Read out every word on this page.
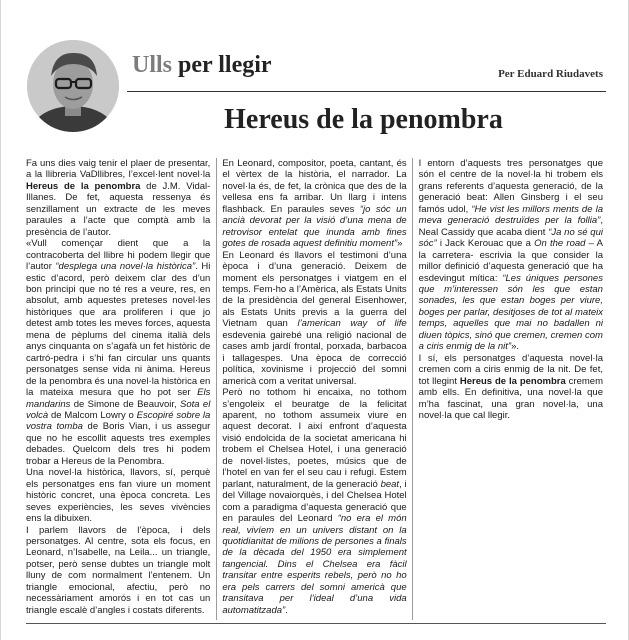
Ulls per llegir	Per Eduard Riudavets
Hereus de la penombra

Fa uns dies vaig tenir el plaer de presentar, a la llibreria VaDllibres, l’excel·lent novel·la Hereus de la penombra de J.M. Vidal-Illanes. De fet, aquesta ressenya és senzillament un extracte de les meves paraules a l’acte que comptà amb la presència de l’autor.

«Vull començar dient que a la contracoberta del llibre hi podem llegir que l’autor “desplega una novel·la històrica”. Hi estic d’acord, però deixem clar des d’un bon principi que no té res a veure, res, en absolut, amb aquestes preteses novel·les històriques que ara proliferen i que jo detest amb totes les meves forces, aquesta mena de pèplums del cinema italià dels anys cinquanta on s’agafà un fet històric de cartró-pedra i s’hi fan circular uns quants personatges sense vida ni ànima. Hereus de la penombra és una novel·la històrica en la mateixa mesura que ho pot ser Els mandarins de Simone de Beauvoir, Sota el volcà de Malcom Lowry o Escopiré sobre la vostra tomba de Boris Vian, i us assegur que no he escollit aquests tres exemples debades. Quelcom dels tres hi podem trobar a Hereus de la Penombra.

Una novel·la històrica, llavors, sí, perquè els personatges ens fan viure un moment històric concret, una època concreta. Les seves experiències, les seves vivències ens la dibuixen.

I parlem llavors de l’època, i dels personatges. Al centre, sota els focus, en Leonard, n’Isabelle, na Leila... un triangle, potser, però sense dubtes un triangle molt lluny de com normalment l’entenem. Un triangle emocional, afectiu, però no necessàriament amorós i en tot cas un triangle escalè d’angles i costats diferents.

En Leonard, compositor, poeta, cantant, és el vèrtex de la història, el narrador. La novel·la és, de fet, la crònica que des de la vellesa ens fa arribar. Un llarg i intens flashback. En paraules seves “jo sóc un ancià devorat per la visió d’una mena de retrovisor entelat que inunda amb fines gotes de rosada aquest definitiu moment”»

En Leonard és llavors el testimoni d’una època i d’una generació. Deixem de moment els personatges i viatgem en el temps. Fem-ho a l’Amèrica, als Estats Units de la presidència del general Eisenhower, als Estats Units previs a la guerra del Vietnam quan l’american way of life esdevenia gairebé una religió nacional de cases amb jardí frontal, porxada, barbacoa i tallagespes. Una època de correcció política, xovinisme i projecció del somni americà com a veritat universal.

Però no tothom hi encaixa, no tothom s’engoleix el beuratge de la felicitat aparent, no tothom assumeix viure en aquest decorat. I així enfront d’aquesta visió endolcida de la societat americana hi trobem el Chelsea Hotel, i una generació de novel·listes, poetes, músics que de l’hotel en van fer el seu cau i refugi. Estem parlant, naturalment, de la generació beat, i del Village novaiorquès, i del Chelsea Hotel com a paradigma d’aquesta generació que en paraules del Leonard “no era el món real, vivíem en un univers distant on la quotidianitat de milions de persones a finals de la dècada del 1950 era simplement tangencial. Dins el Chelsea era fàcil transitar entre esperits rebels, però no ho era pels carrers del somni americà que transitava per l’ideal d’una vida automatitzada”.

I entorn d’aquests tres personatges que són el centre de la novel·la hi trobem els grans referents d’aquesta generació, de la generació beat: Allen Ginsberg i el seu famós udol, “He vist les millors ments de la meva generació destruïdes per la follia”, Neal Cassidy que acaba dient “Ja no sé qui sóc” i Jack Kerouac que a On the road – A la carretera- escrivia la que consider la millor definició d’aquesta generació que ha esdevingut mítica: “Les úniques persones que m’interessen són les que estan sonades, les que estan boges per viure, boges per parlar, desitjoses de tot al mateix temps, aquelles que mai no badallen ni diuen tòpics, sinó que cremen, cremen com a ciris enmig de la nit”».

I sí, els personatges d’aquesta novel·la cremen com a ciris enmig de la nit. De fet, tot llegint Hereus de la penombra cremem amb ells. En definitiva, una novel·la que m’ha fascinat, una gran novel·la, una novel·la que cal llegir.
